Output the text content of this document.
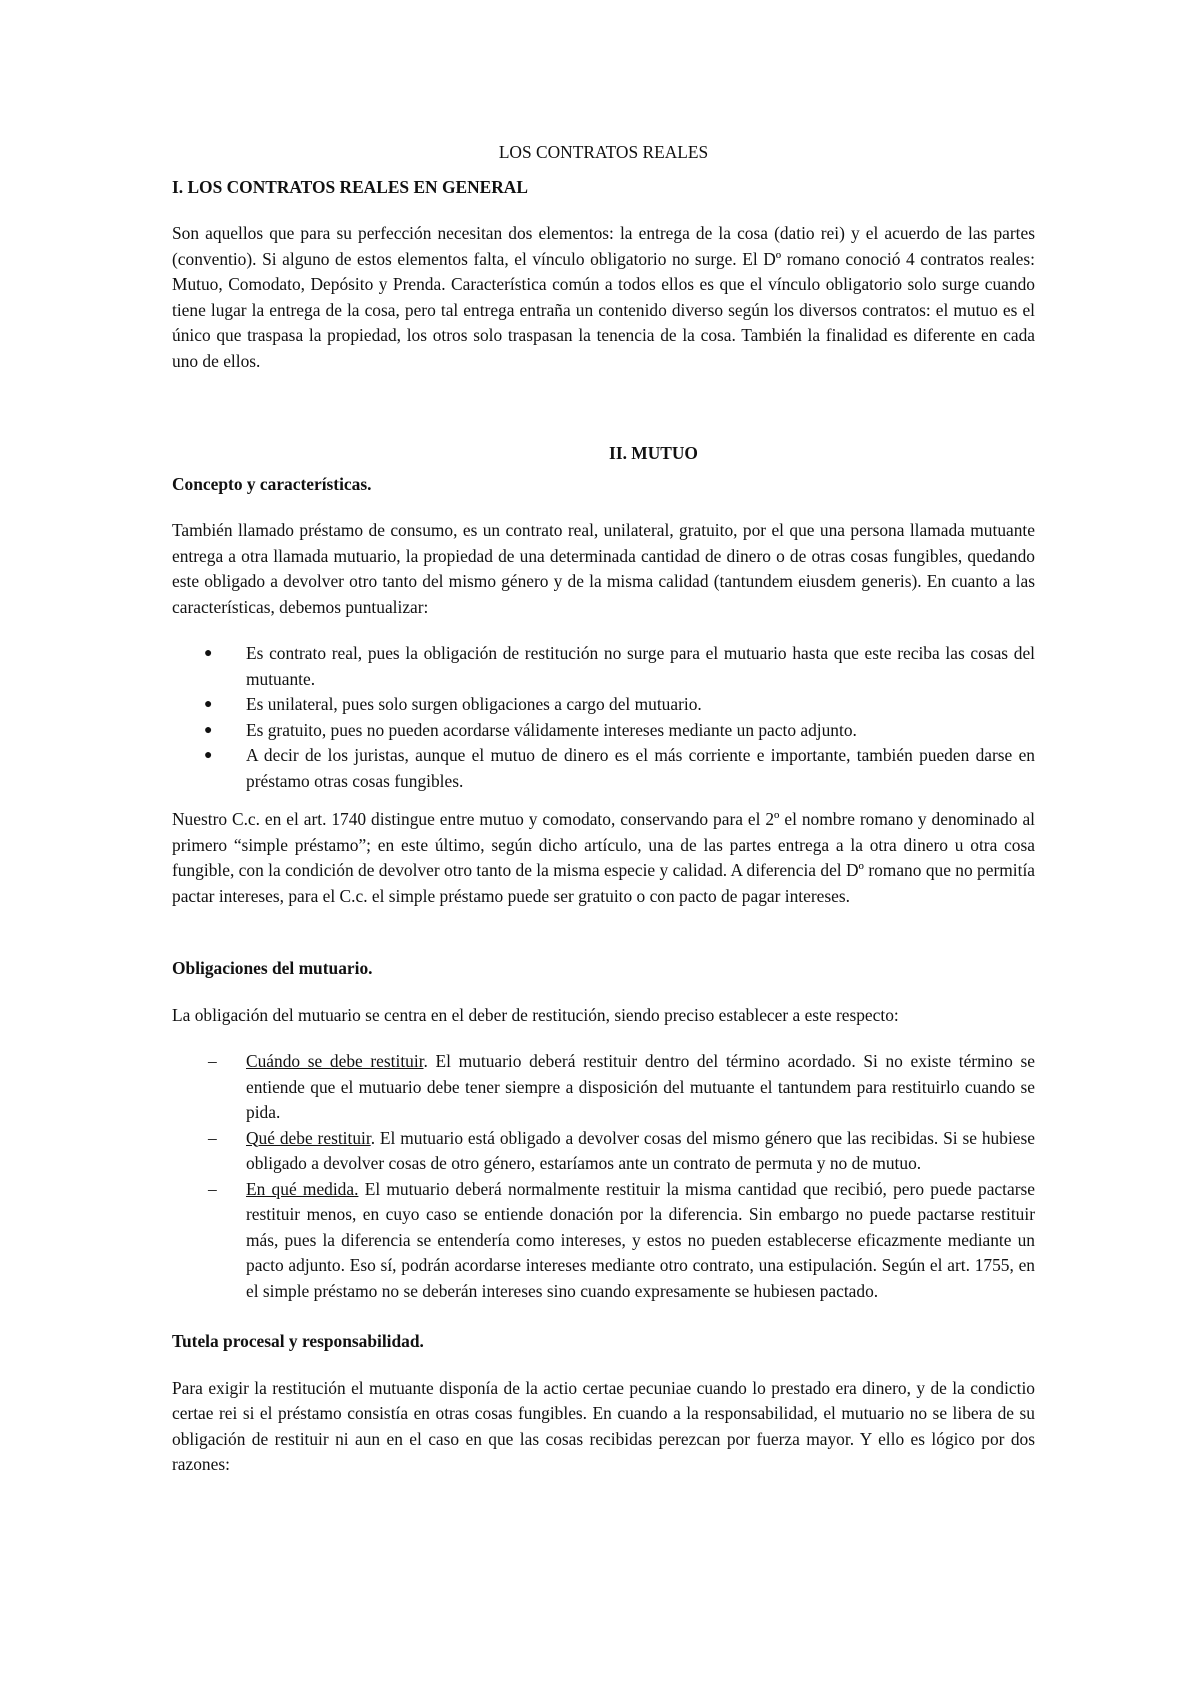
LOS CONTRATOS REALES
I. LOS CONTRATOS REALES EN GENERAL

Son aquellos que para su perfección necesitan dos elementos: la entrega de la cosa (datio rei) y el acuerdo de las partes (conventio). Si alguno de estos elementos falta, el vínculo obligatorio no surge. El Dº romano conoció 4 contratos reales: Mutuo, Comodato, Depósito y Prenda. Característica común a todos ellos es que el vínculo obligatorio solo surge cuando tiene lugar la entrega de la cosa, pero tal entrega entraña un contenido diverso según los diversos contratos: el mutuo es el único que traspasa la propiedad, los otros solo traspasan la tenencia de la cosa. También la finalidad es diferente en cada uno de ellos.

II. MUTUO
Concepto y características.

También llamado préstamo de consumo, es un contrato real, unilateral, gratuito, por el que una persona llamada mutuante entrega a otra llamada mutuario, la propiedad de una determinada cantidad de dinero o de otras cosas fungibles, quedando este obligado a devolver otro tanto del mismo género y de la misma calidad (tantundem eiusdem generis). En cuanto a las características, debemos puntualizar:

● Es contrato real, pues la obligación de restitución no surge para el mutuario hasta que este reciba las cosas del mutuante.
● Es unilateral, pues solo surgen obligaciones a cargo del mutuario.
● Es gratuito, pues no pueden acordarse válidamente intereses mediante un pacto adjunto.
● A decir de los juristas, aunque el mutuo de dinero es el más corriente e importante, también pueden darse en préstamo otras cosas fungibles.

Nuestro C.c. en el art. 1740 distingue entre mutuo y comodato, conservando para el 2º el nombre romano y denominado al primero “simple préstamo”; en este último, según dicho artículo, una de las partes entrega a la otra dinero u otra cosa fungible, con la condición de devolver otro tanto de la misma especie y calidad. A diferencia del Dº romano que no permitía pactar intereses, para el C.c. el simple préstamo puede ser gratuito o con pacto de pagar intereses.

Obligaciones del mutuario.

La obligación del mutuario se centra en el deber de restitución, siendo preciso establecer a este respecto:

– Cuándo se debe restituir. El mutuario deberá restituir dentro del término acordado. Si no existe término se entiende que el mutuario debe tener siempre a disposición del mutuante el tantundem para restituirlo cuando se pida.
– Qué debe restituir. El mutuario está obligado a devolver cosas del mismo género que las recibidas. Si se hubiese obligado a devolver cosas de otro género, estaríamos ante un contrato de permuta y no de mutuo.
– En qué medida. El mutuario deberá normalmente restituir la misma cantidad que recibió, pero puede pactarse restituir menos, en cuyo caso se entiende donación por la diferencia. Sin embargo no puede pactarse restituir más, pues la diferencia se entendería como intereses, y estos no pueden establecerse eficazmente mediante un pacto adjunto. Eso sí, podrán acordarse intereses mediante otro contrato, una estipulación. Según el art. 1755, en el simple préstamo no se deberán intereses sino cuando expresamente se hubiesen pactado.
Tutela procesal y responsabilidad.

Para exigir la restitución el mutuante disponía de la actio certae pecuniae cuando lo prestado era dinero, y de la condictio certae rei si el préstamo consistía en otras cosas fungibles. En cuando a la responsabilidad, el mutuario no se libera de su obligación de restituir ni aun en el caso en que las cosas recibidas perezcan por fuerza mayor. Y ello es lógico por dos razones:
